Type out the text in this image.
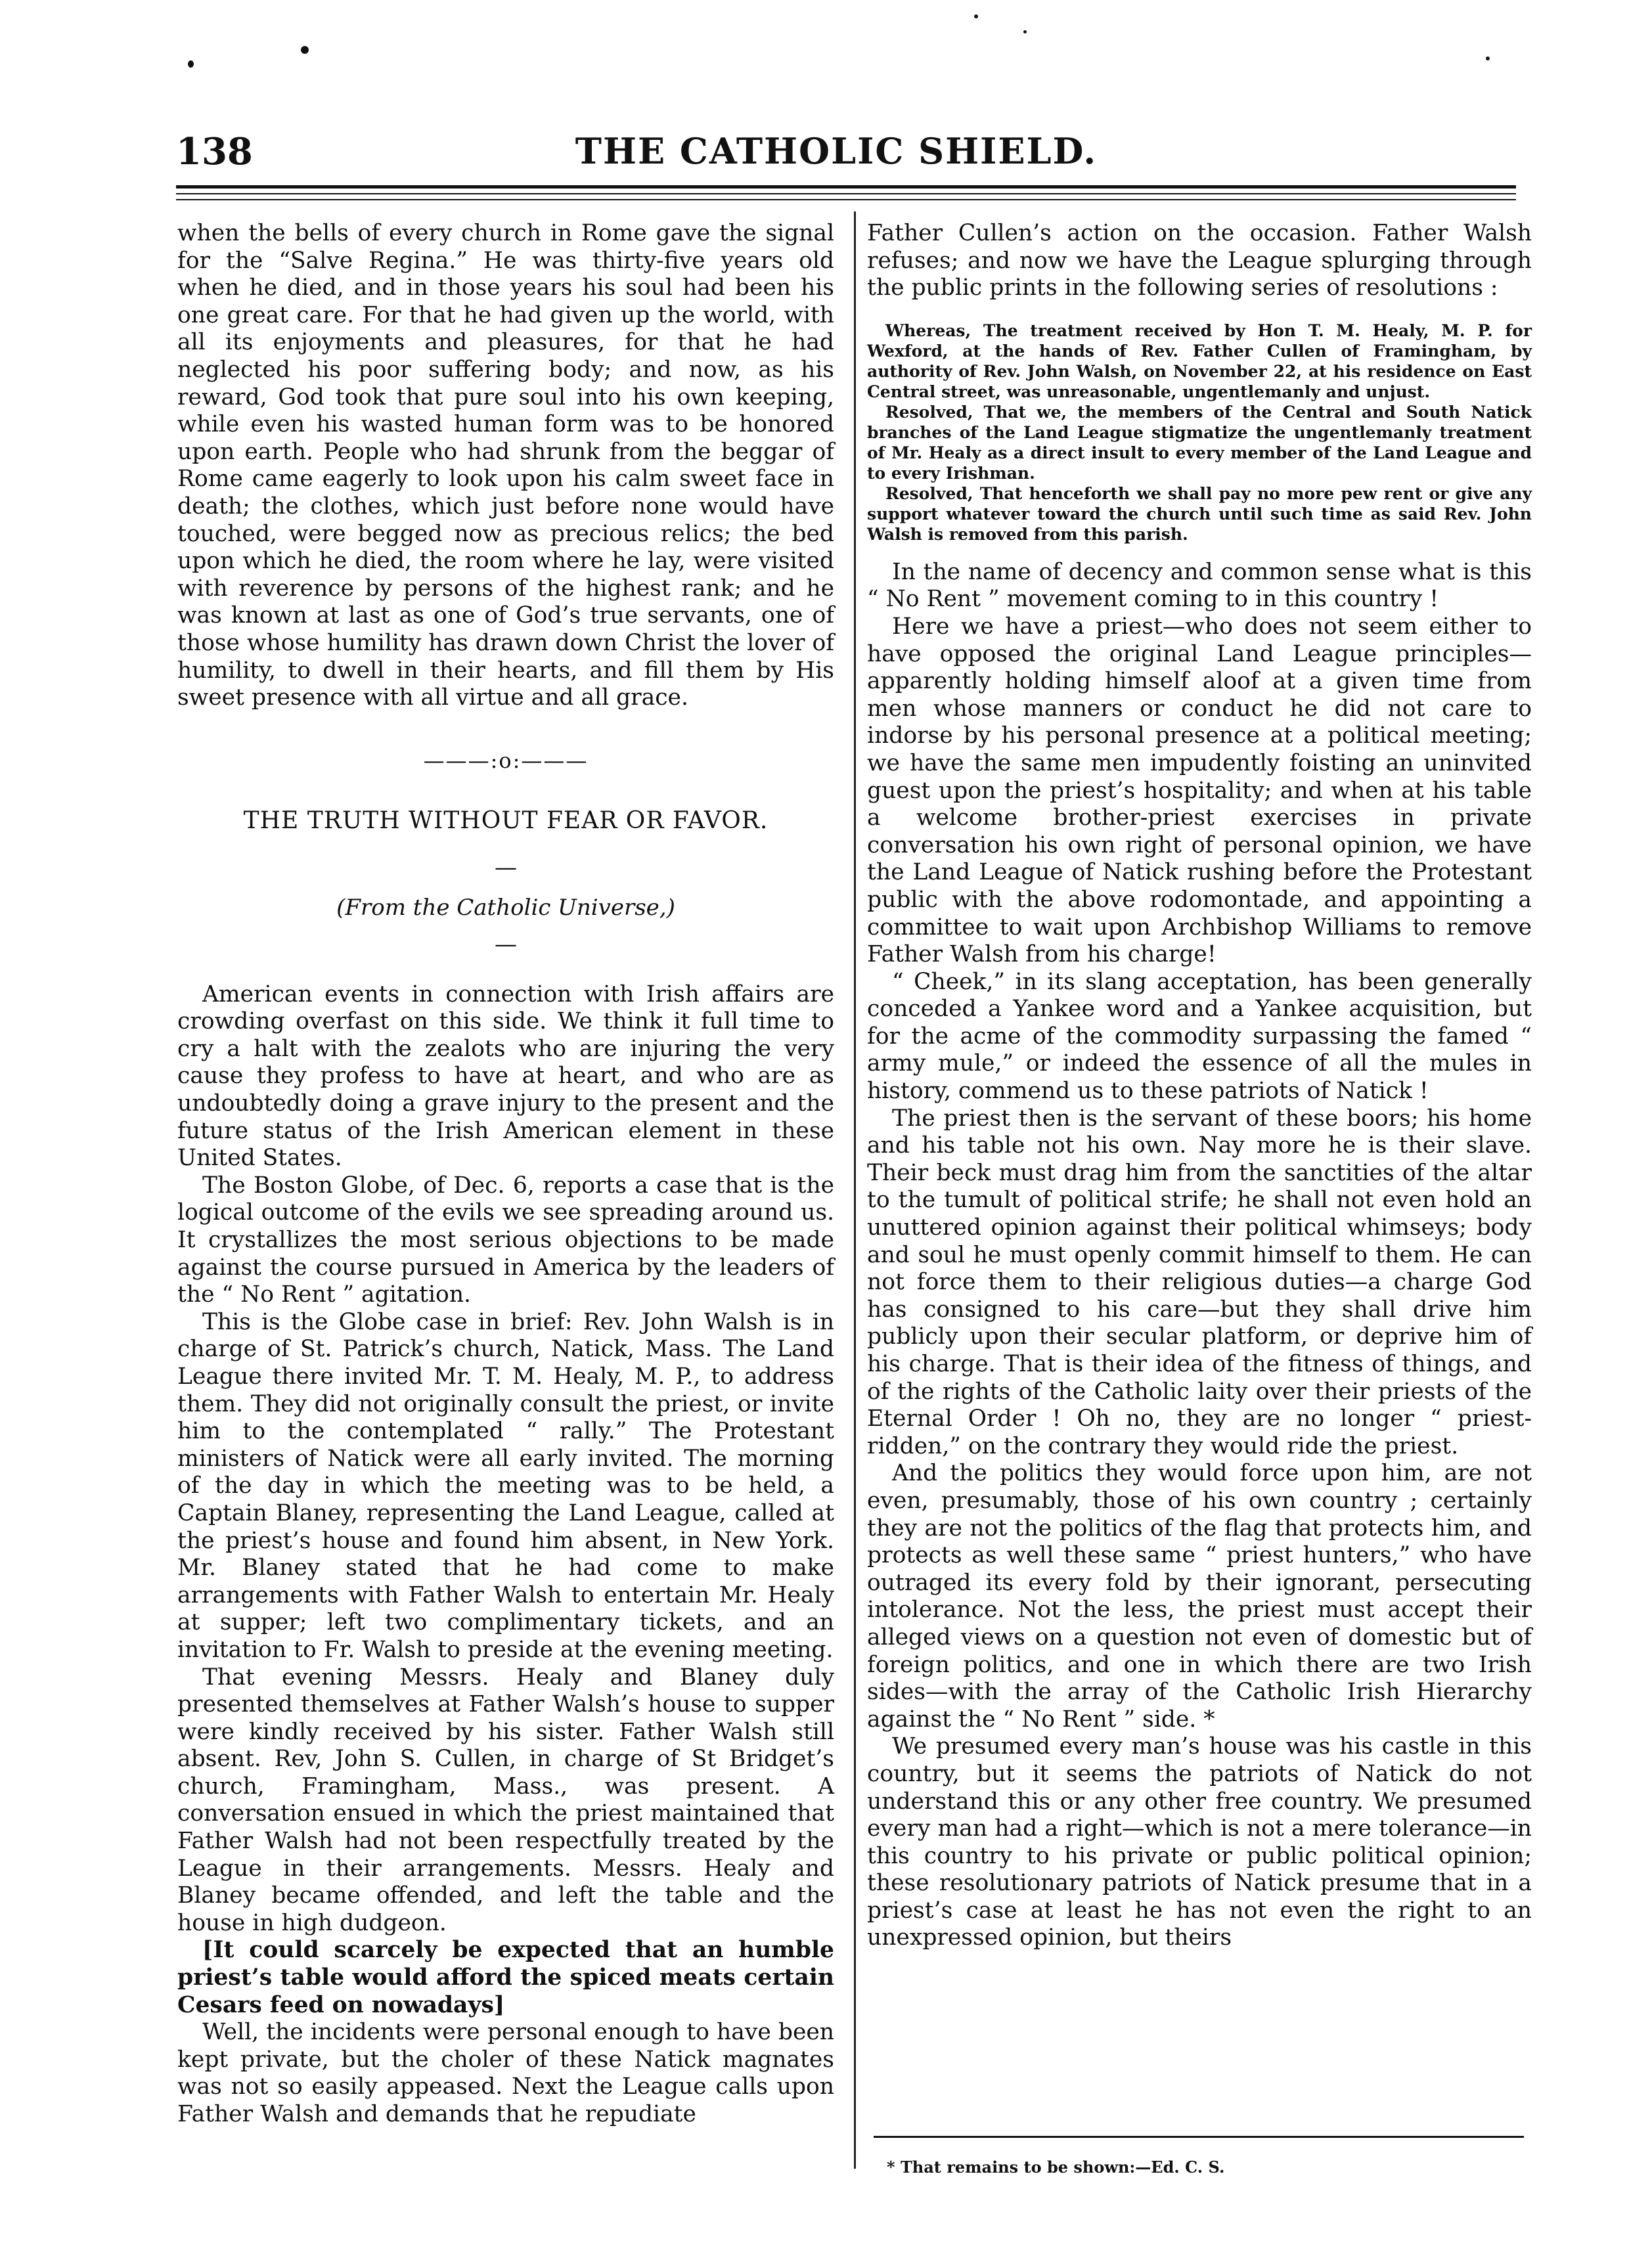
138	THE CATHOLIC SHIELD.

when the bells of every church in Rome gave the signal for the “Salve Regina.” He was thirty-five years old when he died, and in those years his soul had been his one great care. For that he had given up the world, with all its enjoyments and pleasures, for that he had neglected his poor suffering body; and now, as his reward, God took that pure soul into his own keeping, while even his wasted human form was to be honored upon earth. People who had shrunk from the beggar of Rome came eagerly to look upon his calm sweet face in death; the clothes, which just before none would have touched, were begged now as precious relics; the bed upon which he died, the room where he lay, were visited with reverence by persons of the highest rank; and he was known at last as one of God’s true servants, one of those whose humility has drawn down Christ the lover of humility, to dwell in their hearts, and fill them by His sweet presence with all virtue and all grace.

———:o:———
THE TRUTH WITHOUT FEAR OR FAVOR.
—
(From the Catholic Universe,)
—

American events in connection with Irish affairs are crowding overfast on this side. We think it full time to cry a halt with the zealots who are injuring the very cause they profess to have at heart, and who are as undoubtedly doing a grave injury to the present and the future status of the Irish American element in these United States.

The Boston Globe, of Dec. 6, reports a case that is the logical outcome of the evils we see spreading around us. It crystallizes the most serious objections to be made against the course pursued in America by the leaders of the “ No Rent ” agitation.

This is the Globe case in brief: Rev. John Walsh is in charge of St. Patrick’s church, Natick, Mass. The Land League there invited Mr. T. M. Healy, M. P., to address them. They did not originally consult the priest, or invite him to the contemplated “ rally.” The Protestant ministers of Natick were all early invited. The morning of the day in which the meeting was to be held, a Captain Blaney, representing the Land League, called at the priest’s house and found him absent, in New York. Mr. Blaney stated that he had come to make arrangements with Father Walsh to entertain Mr. Healy at supper; left two complimentary tickets, and an invitation to Fr. Walsh to preside at the evening meeting.

That evening Messrs. Healy and Blaney duly presented themselves at Father Walsh’s house to supper were kindly received by his sister. Father Walsh still absent. Rev, John S. Cullen, in charge of St Bridget’s church, Framingham, Mass., was present. A conversation ensued in which the priest maintained that Father Walsh had not been respectfully treated by the League in their arrangements. Messrs. Healy and Blaney became offended, and left the table and the house in high dudgeon.

[It could scarcely be expected that an humble priest’s table would afford the spiced meats certain Cesars feed on nowadays]

Well, the incidents were personal enough to have been kept private, but the choler of these Natick magnates was not so easily appeased. Next the League calls upon Father Walsh and demands that he repudiate

Father Cullen’s action on the occasion. Father Walsh refuses; and now we have the League splurging through the public prints in the following series of resolutions :

Whereas, The treatment received by Hon T. M. Healy, M. P. for Wexford, at the hands of Rev. Father Cullen of Framingham, by authority of Rev. John Walsh, on November 22, at his residence on East Central street, was unreasonable, ungentlemanly and unjust.

Resolved, That we, the members of the Central and South Natick branches of the Land League stigmatize the ungentlemanly treatment of Mr. Healy as a direct insult to every member of the Land League and to every Irishman.

Resolved, That henceforth we shall pay no more pew rent or give any support whatever toward the church until such time as said Rev. John Walsh is removed from this parish.

In the name of decency and common sense what is this “ No Rent ” movement coming to in this country !

Here we have a priest—who does not seem either to have opposed the original Land League principles—apparently holding himself aloof at a given time from men whose manners or conduct he did not care to indorse by his personal presence at a political meeting; we have the same men impudently foisting an uninvited guest upon the priest’s hospitality; and when at his table a welcome brother-priest exercises in private conversation his own right of personal opinion, we have the Land League of Natick rushing before the Protestant public with the above rodomontade, and appointing a committee to wait upon Archbishop Williams to remove Father Walsh from his charge!

“ Cheek,” in its slang acceptation, has been generally conceded a Yankee word and a Yankee acquisition, but for the acme of the commodity surpassing the famed “ army mule,” or indeed the essence of all the mules in history, commend us to these patriots of Natick !

The priest then is the servant of these boors; his home and his table not his own. Nay more he is their slave. Their beck must drag him from the sanctities of the altar to the tumult of political strife; he shall not even hold an unuttered opinion against their political whimseys; body and soul he must openly commit himself to them. He can not force them to their religious duties—a charge God has consigned to his care—but they shall drive him publicly upon their secular platform, or deprive him of his charge. That is their idea of the fitness of things, and of the rights of the Catholic laity over their priests of the Eternal Order ! Oh no, they are no longer “ priest-ridden,” on the contrary they would ride the priest.

And the politics they would force upon him, are not even, presumably, those of his own country ; certainly they are not the politics of the flag that protects him, and protects as well these same “ priest hunters,” who have outraged its every fold by their ignorant, persecuting intolerance. Not the less, the priest must accept their alleged views on a question not even of domestic but of foreign politics, and one in which there are two Irish sides—with the array of the Catholic Irish Hierarchy against the “ No Rent ” side. *

We presumed every man’s house was his castle in this country, but it seems the patriots of Natick do not understand this or any other free country. We presumed every man had a right—which is not a mere tolerance—in this country to his private or public political opinion; these resolutionary patriots of Natick presume that in a priest’s case at least he has not even the right to an unexpressed opinion, but theirs

* That remains to be shown:—Ed. C. S.
